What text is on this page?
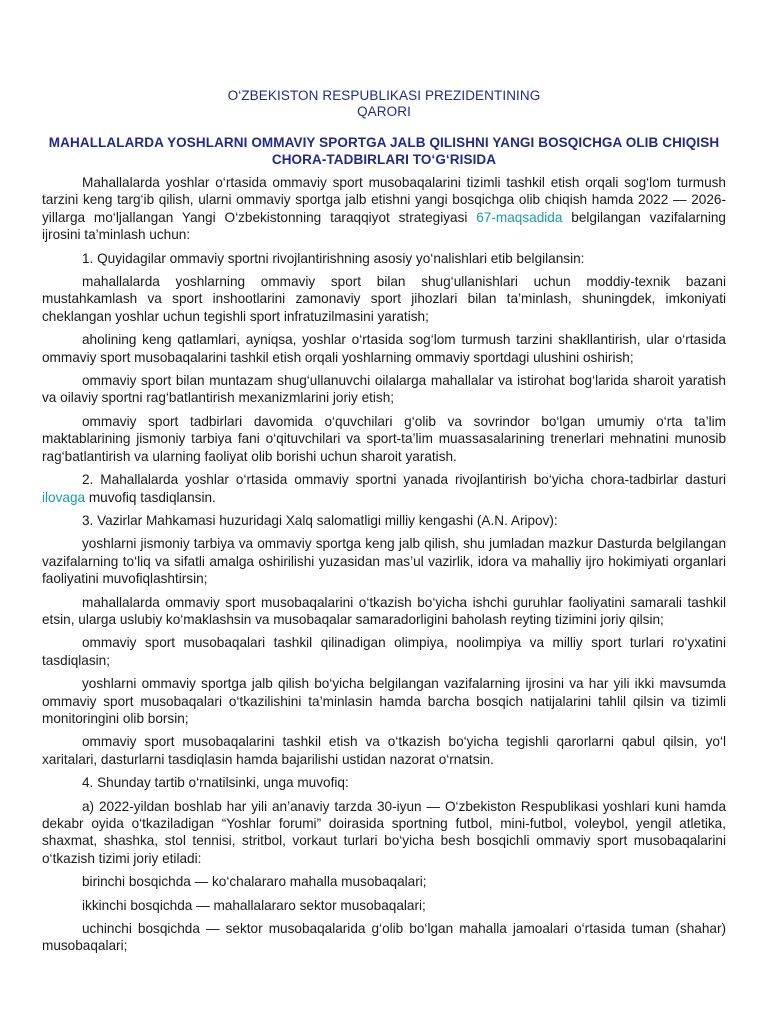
O‘ZBEKISTON RESPUBLIKASI PREZIDENTINING
QARORI
MAHALLALARDA YOSHLARNI OMMAVIY SPORTGA JALB QILISHNI YANGI BOSQICHGA OLIB CHIQISH CHORA-TADBIRLARI TO‘G‘RISIDA

Mahallalarda yoshlar o‘rtasida ommaviy sport musobaqalarini tizimli tashkil etish orqali sog‘lom turmush tarzini keng targ‘ib qilish, ularni ommaviy sportga jalb etishni yangi bosqichga olib chiqish hamda 2022 — 2026-yillarga mo‘ljallangan Yangi O‘zbekistonning taraqqiyot strategiyasi 67-maqsadida belgilangan vazifalarning ijrosini ta’minlash uchun:

1. Quyidagilar ommaviy sportni rivojlantirishning asosiy yo‘nalishlari etib belgilansin:

mahallalarda yoshlarning ommaviy sport bilan shug‘ullanishlari uchun moddiy-texnik bazani mustahkamlash va sport inshootlarini zamonaviy sport jihozlari bilan ta’minlash, shuningdek, imkoniyati cheklangan yoshlar uchun tegishli sport infratuzilmasini yaratish;

aholining keng qatlamlari, ayniqsa, yoshlar o‘rtasida sog‘lom turmush tarzini shakllantirish, ular o‘rtasida ommaviy sport musobaqalarini tashkil etish orqali yoshlarning ommaviy sportdagi ulushini oshirish;

ommaviy sport bilan muntazam shug‘ullanuvchi oilalarga mahallalar va istirohat bog‘larida sharoit yaratish va oilaviy sportni rag‘batlantirish mexanizmlarini joriy etish;

ommaviy sport tadbirlari davomida o‘quvchilari g‘olib va sovrindor bo‘lgan umumiy o‘rta ta’lim maktablarining jismoniy tarbiya fani o‘qituvchilari va sport-ta’lim muassasalarining trenerlari mehnatini munosib rag‘batlantirish va ularning faoliyat olib borishi uchun sharoit yaratish.

2. Mahallalarda yoshlar o‘rtasida ommaviy sportni yanada rivojlantirish bo‘yicha chora-tadbirlar dasturi ilovaga muvofiq tasdiqlansin.

3. Vazirlar Mahkamasi huzuridagi Xalq salomatligi milliy kengashi (A.N. Aripov):

yoshlarni jismoniy tarbiya va ommaviy sportga keng jalb qilish, shu jumladan mazkur Dasturda belgilangan vazifalarning to‘liq va sifatli amalga oshirilishi yuzasidan mas’ul vazirlik, idora va mahalliy ijro hokimiyati organlari faoliyatini muvofiqlashtirsin;

mahallalarda ommaviy sport musobaqalarini o‘tkazish bo‘yicha ishchi guruhlar faoliyatini samarali tashkil etsin, ularga uslubiy ko‘maklashsin va musobaqalar samaradorligini baholash reyting tizimini joriy qilsin;

ommaviy sport musobaqalari tashkil qilinadigan olimpiya, noolimpiya va milliy sport turlari ro‘yxatini tasdiqlasin;

yoshlarni ommaviy sportga jalb qilish bo‘yicha belgilangan vazifalarning ijrosini va har yili ikki mavsumda ommaviy sport musobaqalari o‘tkazilishini ta’minlasin hamda barcha bosqich natijalarini tahlil qilsin va tizimli monitoringini olib borsin;

ommaviy sport musobaqalarini tashkil etish va o‘tkazish bo‘yicha tegishli qarorlarni qabul qilsin, yo‘l xaritalari, dasturlarni tasdiqlasin hamda bajarilishi ustidan nazorat o‘rnatsin.

4. Shunday tartib o‘rnatilsinki, unga muvofiq:

a) 2022-yildan boshlab har yili an’anaviy tarzda 30-iyun — O‘zbekiston Respublikasi yoshlari kuni hamda dekabr oyida o‘tkaziladigan “Yoshlar forumi” doirasida sportning futbol, mini-futbol, voleybol, yengil atletika, shaxmat, shashka, stol tennisi, stritbol, vorkaut turlari bo‘yicha besh bosqichli ommaviy sport musobaqalarini o‘tkazish tizimi joriy etiladi:

birinchi bosqichda — ko‘chalararo mahalla musobaqalari;

ikkinchi bosqichda — mahallalararo sektor musobaqalari;

uchinchi bosqichda — sektor musobaqalarida g‘olib bo‘lgan mahalla jamoalari o‘rtasida tuman (shahar) musobaqalari;
